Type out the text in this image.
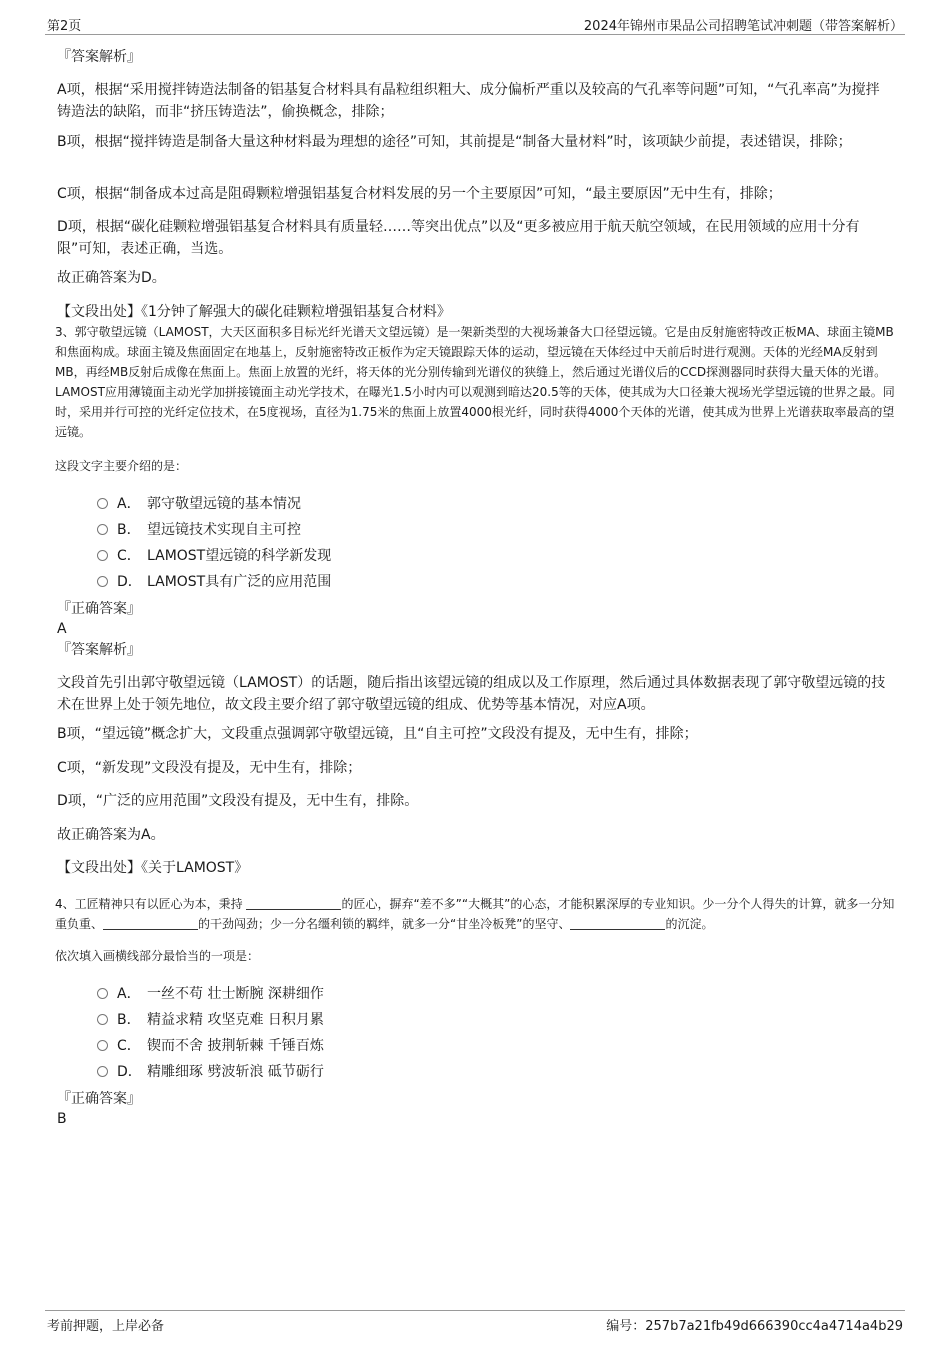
第2页	2024年锦州市果品公司招聘笔试冲刺题（带答案解析）
『答案解析』
A项，根据“采用搅拌铸造法制备的铝基复合材料具有晶粒组织粗大、成分偏析严重以及较高的气孔率等问题”可知，“气孔率高”为搅拌铸造法的缺陷，而非“挤压铸造法”，偷换概念，排除；
B项，根据“搅拌铸造是制备大量这种材料最为理想的途径”可知，其前提是“制备大量材料”时，该项缺少前提，表述错误，排除；
C项，根据“制备成本过高是阻碍颗粒增强铝基复合材料发展的另一个主要原因”可知，“最主要原因”无中生有，排除；
D项，根据“碳化硅颗粒增强铝基复合材料具有质量轻……等突出优点”以及“更多被应用于航天航空领域，在民用领域的应用十分有限”可知，表述正确，当选。
故正确答案为D。
【文段出处】《1分钟了解强大的碳化硅颗粒增强铝基复合材料》
3、郭守敬望远镜（LAMOST，大天区面积多目标光纤光谱天文望远镜）是一架新类型的大视场兼备大口径望远镜。它是由反射施密特改正板MA、球面主镜MB和焦面构成。球面主镜及焦面固定在地基上，反射施密特改正板作为定天镜跟踪天体的运动，望远镜在天体经过中天前后时进行观测。天体的光经MA反射到MB，再经MB反射后成像在焦面上。焦面上放置的光纤，将天体的光分别传输到光谱仪的狭缝上，然后通过光谱仪后的CCD探测器同时获得大量天体的光谱。LAMOST应用薄镜面主动光学加拼接镜面主动光学技术，在曝光1.5小时内可以观测到暗达20.5等的天体，使其成为大口径兼大视场光学望远镜的世界之最。同时，采用并行可控的光纤定位技术，在5度视场，直径为1.75米的焦面上放置4000根光纤，同时获得4000个天体的光谱，使其成为世界上光谱获取率最高的望远镜。
这段文字主要介绍的是：
A． 郭守敬望远镜的基本情况
B． 望远镜技术实现自主可控
C． LAMOST望远镜的科学新发现
D． LAMOST具有广泛的应用范围
『正确答案』
A
『答案解析』
文段首先引出郭守敬望远镜（LAMOST）的话题，随后指出该望远镜的组成以及工作原理，然后通过具体数据表现了郭守敬望远镜的技术在世界上处于领先地位，故文段主要介绍了郭守敬望远镜的组成、优势等基本情况，对应A项。
B项，“望远镜”概念扩大，文段重点强调郭守敬望远镜，且“自主可控”文段没有提及，无中生有，排除；
C项，“新发现”文段没有提及，无中生有，排除；
D项，“广泛的应用范围”文段没有提及，无中生有，排除。
故正确答案为A。
【文段出处】《关于LAMOST》
4、工匠精神只有以匠心为本，秉持	的匠心，摒弃“差不多”“大概其”的心态，才能积累深厚的专业知识。少一分个人得失的计算，就多一分知重负重、	的干劲闯劲；少一分名缰利锁的羁绊，就多一分“甘坐冷板凳”的坚守、	的沉淀。
依次填入画横线部分最恰当的一项是：
A． 一丝不苟 壮士断腕 深耕细作
B． 精益求精 攻坚克难 日积月累
C． 锲而不舍 披荆斩棘 千锤百炼
D． 精雕细琢 劈波斩浪 砥节砺行
『正确答案』
B
考前押题，上岸必备	编号：257b7a21fb49d666390cc4a4714a4b29
